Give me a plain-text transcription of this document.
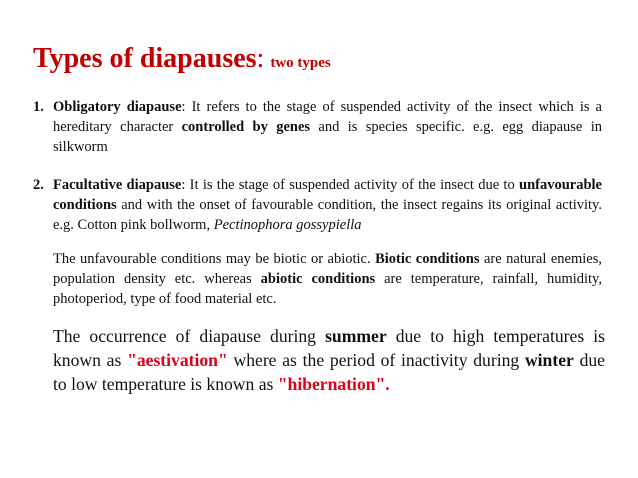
Types of diapauses: two types
1. Obligatory diapause: It refers to the stage of suspended activity of the insect which is a hereditary character controlled by genes and is species specific. e.g. egg diapause in silkworm
2. Facultative diapause: It is the stage of suspended activity of the insect due to unfavourable conditions and with the onset of favourable condition, the insect regains its original activity. e.g. Cotton pink bollworm, Pectinophora gossypiella
The unfavourable conditions may be biotic or abiotic. Biotic conditions are natural enemies, population density etc. whereas abiotic conditions are temperature, rainfall, humidity, photoperiod, type of food material etc.
The occurrence of diapause during summer due to high temperatures is known as "aestivation" where as the period of inactivity during winter due to low temperature is known as "hibernation".
